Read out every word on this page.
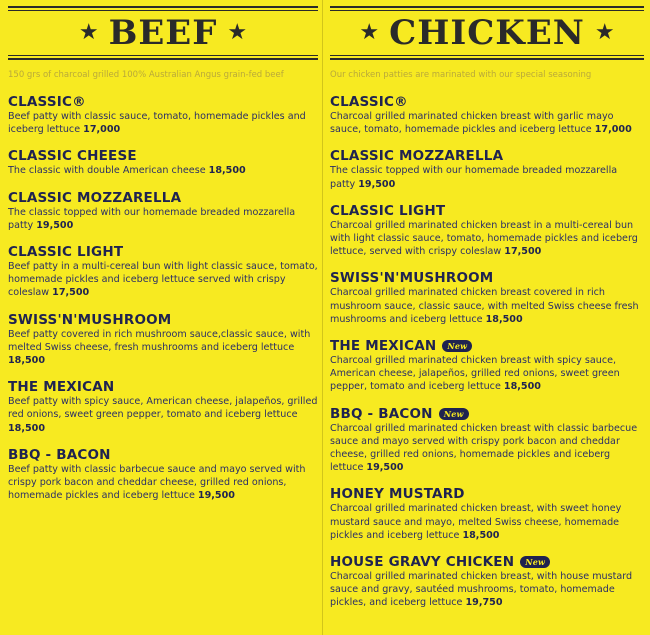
★ BEEF ★
150 grs of charcoal grilled 100% Australian Angus grain-fed beef
CLASSIC®
Beef patty with classic sauce, tomato, homemade pickles and iceberg lettuce 17,000
CLASSIC CHEESE
The classic with double American cheese 18,500
CLASSIC MOZZARELLA
The classic topped with our homemade breaded mozzarella patty 19,500
CLASSIC LIGHT
Beef patty in a multi-cereal bun with light classic sauce, tomato, homemade pickles and iceberg lettuce served with crispy coleslaw 17,500
SWISS'N'MUSHROOM
Beef patty covered in rich mushroom sauce,classic sauce, with melted Swiss cheese, fresh mushrooms and iceberg lettuce 18,500
THE MEXICAN
Beef patty with spicy sauce, American cheese, jalapeños, grilled red onions, sweet green pepper, tomato and iceberg lettuce 18,500
BBQ - BACON
Beef patty with classic barbecue sauce and mayo served with crispy pork bacon and cheddar cheese, grilled red onions, homemade pickles and iceberg lettuce 19,500
★ CHICKEN ★
Our chicken patties are marinated with our special seasoning
CLASSIC®
Charcoal grilled marinated chicken breast with garlic mayo sauce, tomato, homemade pickles and iceberg lettuce 17,000
CLASSIC MOZZARELLA
The classic topped with our homemade breaded mozzarella patty 19,500
CLASSIC LIGHT
Charcoal grilled marinated chicken breast in a multi-cereal bun with light classic sauce, tomato, homemade pickles and iceberg lettuce, served with crispy coleslaw 17,500
SWISS'N'MUSHROOM
Charcoal grilled marinated chicken breast covered in rich mushroom sauce, classic sauce, with melted Swiss cheese fresh mushrooms and iceberg lettuce 18,500
THE MEXICAN	New
Charcoal grilled marinated chicken breast with spicy sauce, American cheese, jalapeños, grilled red onions, sweet green pepper, tomato and iceberg lettuce 18,500
BBQ - BACON	New
Charcoal grilled marinated chicken breast with classic barbecue sauce and mayo served with crispy pork bacon and cheddar cheese, grilled red onions, homemade pickles and iceberg lettuce 19,500
HONEY MUSTARD
Charcoal grilled marinated chicken breast, with sweet honey mustard sauce and mayo, melted Swiss cheese, homemade pickles and iceberg lettuce 18,500
HOUSE GRAVY CHICKEN	New
Charcoal grilled marinated chicken breast, with house mustard sauce and gravy, sautéed mushrooms, tomato, homemade pickles, and iceberg lettuce 19,750
